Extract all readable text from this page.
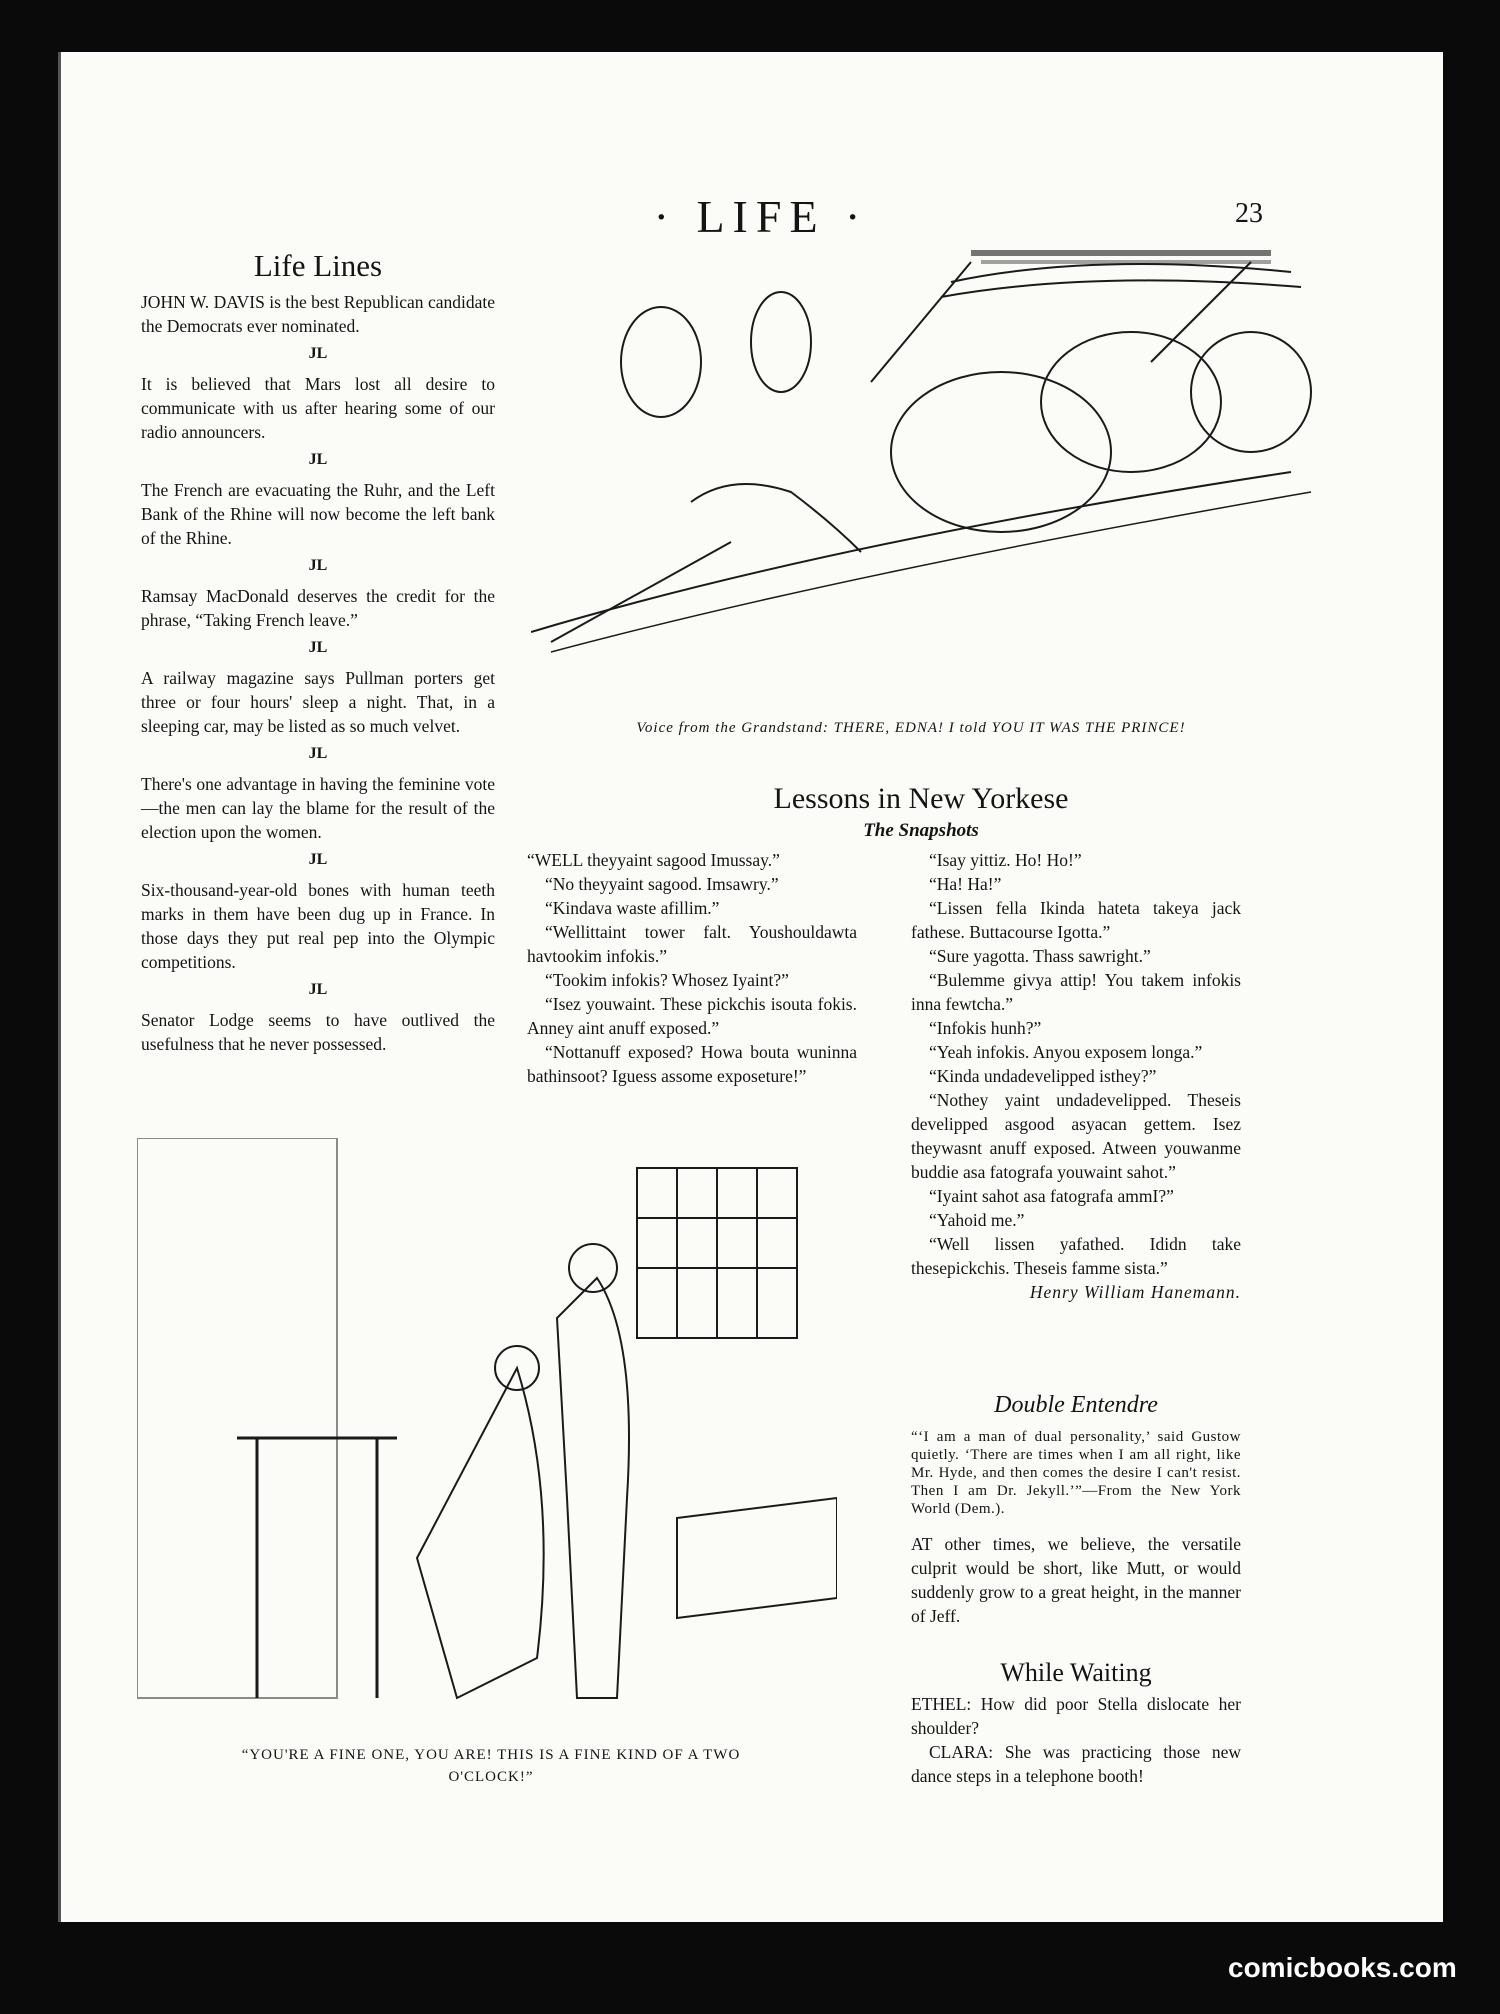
· LIFE ·	23
Life Lines

JOHN W. DAVIS is the best Republican candidate the Democrats ever nominated.

JL

It is believed that Mars lost all desire to communicate with us after hearing some of our radio announcers.

JL

The French are evacuating the Ruhr, and the Left Bank of the Rhine will now become the left bank of the Rhine.

JL

Ramsay MacDonald deserves the credit for the phrase, “Taking French leave.”

JL

A railway magazine says Pullman porters get three or four hours' sleep a night. That, in a sleeping car, may be listed as so much velvet.

JL

There's one advantage in having the feminine vote—the men can lay the blame for the result of the election upon the women.

JL

Six-thousand-year-old bones with human teeth marks in them have been dug up in France. In those days they put real pep into the Olympic competitions.

JL

Senator Lodge seems to have outlived the usefulness that he never possessed.

Voice from the Grandstand: THERE, EDNA! I told YOU IT WAS THE PRINCE!
Lessons in New Yorkese
The Snapshots

“WELL theyyaint sagood Imussay.”

“No theyyaint sagood. Imsawry.”

“Kindava waste afillim.”

“Wellittaint tower falt. Youshouldawta havtookim infokis.”

“Tookim infokis? Whosez Iyaint?”

“Isez youwaint. These pickchis isouta fokis. Anney aint anuff exposed.”

“Nottanuff exposed? Howa bouta wuninna bathinsoot? Iguess assome exposeture!”

“Isay yittiz. Ho! Ho!”

“Ha! Ha!”

“Lissen fella Ikinda hateta takeya jack fathese. Buttacourse Igotta.”

“Sure yagotta. Thass sawright.”

“Bulemme givya attip! You takem infokis inna fewtcha.”

“Infokis hunh?”

“Yeah infokis. Anyou exposem longa.”

“Kinda undadevelipped isthey?”

“Nothey yaint undadevelipped. Theseis develipped asgood asyacan gettem. Isez theywasnt anuff exposed. Atween youwanme buddie asa fatografa youwaint sahot.”

“Iyaint sahot asa fatografa ammI?”

“Yahoid me.”

“Well lissen yafathed. Ididn take thesepickchis. Theseis famme sista.”

Henry William Hanemann.

“YOU'RE A FINE ONE, YOU ARE! THIS IS A FINE KIND OF A TWO O'CLOCK!”
Double Entendre
“‘I am a man of dual personality,’ said Gustow quietly. ‘There are times when I am all right, like Mr. Hyde, and then comes the desire I can't resist. Then I am Dr. Jekyll.’”—From the New York World (Dem.).
AT other times, we believe, the versatile culprit would be short, like Mutt, or would suddenly grow to a great height, in the manner of Jeff.
While Waiting

ETHEL: How did poor Stella dislocate her shoulder?

CLARA: She was practicing those new dance steps in a telephone booth!

comicbooks.com
